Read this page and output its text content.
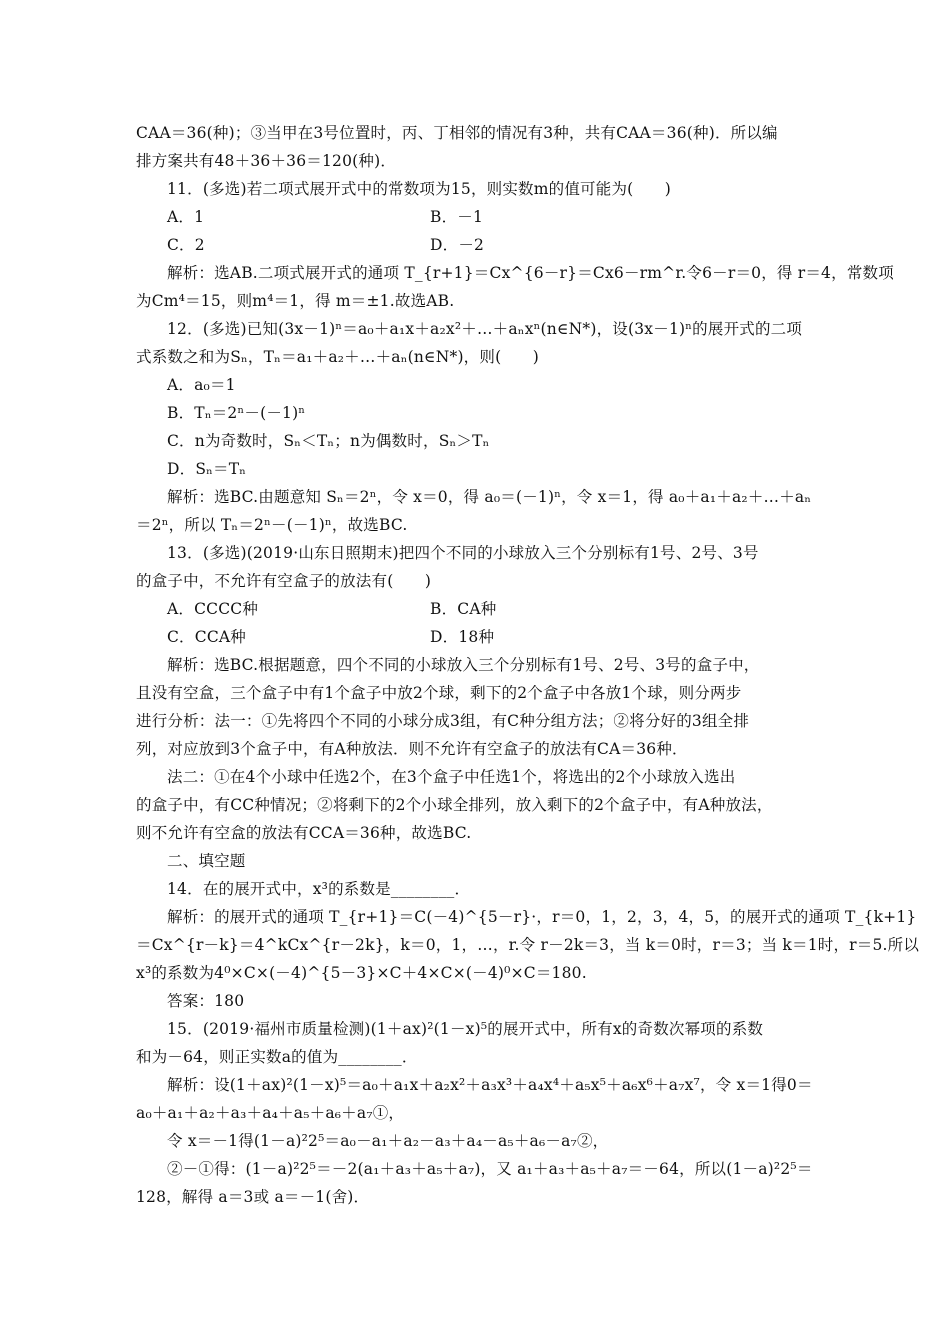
CAA＝36(种)；③当甲在3号位置时，丙、丁相邻的情况有3种，共有CAA＝36(种)．所以编
排方案共有48＋36＋36＝120(种)．
11．(多选)若二项式展开式中的常数项为15，则实数m的值可能为(　　)
A．1	B．－1
C．2	D．－2
解析：选AB.二项式展开式的通项 T_{r+1}＝Cx^{6－r}＝Cx6－rm^r.令6－r＝0，得 r＝4，常数项
为Cm⁴＝15，则m⁴＝1，得 m＝±1.故选AB.
12．(多选)已知(3x－1)ⁿ＝a₀＋a₁x＋a₂x²＋…＋aₙxⁿ(n∈N*)，设(3x－1)ⁿ的展开式的二项
式系数之和为Sₙ，Tₙ＝a₁＋a₂＋…＋aₙ(n∈N*)，则(　　)
A．a₀＝1
B．Tₙ＝2ⁿ－(－1)ⁿ
C．n为奇数时，Sₙ＜Tₙ；n为偶数时，Sₙ＞Tₙ
D．Sₙ＝Tₙ
解析：选BC.由题意知 Sₙ＝2ⁿ，令 x＝0，得 a₀＝(－1)ⁿ，令 x＝1，得 a₀＋a₁＋a₂＋…＋aₙ
＝2ⁿ，所以 Tₙ＝2ⁿ－(－1)ⁿ，故选BC.
13．(多选)(2019·山东日照期末)把四个不同的小球放入三个分别标有1号、2号、3号
的盒子中，不允许有空盒子的放法有(　　)
A．CCCC种	B．CA种
C．CCA种	D．18种
解析：选BC.根据题意，四个不同的小球放入三个分别标有1号、2号、3号的盒子中，
且没有空盒，三个盒子中有1个盒子中放2个球，剩下的2个盒子中各放1个球，则分两步
进行分析：法一：①先将四个不同的小球分成3组，有C种分组方法；②将分好的3组全排
列，对应放到3个盒子中，有A种放法．则不允许有空盒子的放法有CA＝36种．
法二：①在4个小球中任选2个，在3个盒子中任选1个，将选出的2个小球放入选出
的盒子中，有CC种情况；②将剩下的2个小球全排列，放入剩下的2个盒子中，有A种放法，
则不允许有空盒的放法有CCA＝36种，故选BC.
二、填空题
14．在的展开式中，x³的系数是________．
解析：的展开式的通项 T_{r+1}＝C(－4)^{5－r}·，r＝0，1，2，3，4，5，的展开式的通项 T_{k+1}
＝Cx^{r－k}＝4^kCx^{r－2k}，k＝0，1，…，r.令 r－2k＝3，当 k＝0时，r＝3；当 k＝1时，r＝5.所以
x³的系数为4⁰×C×(－4)^{5－3}×C＋4×C×(－4)⁰×C＝180.
答案：180
15．(2019·福州市质量检测)(1＋ax)²(1－x)⁵的展开式中，所有x的奇数次幂项的系数
和为－64，则正实数a的值为________．
解析：设(1＋ax)²(1－x)⁵＝a₀＋a₁x＋a₂x²＋a₃x³＋a₄x⁴＋a₅x⁵＋a₆x⁶＋a₇x⁷，令 x＝1得0＝
a₀＋a₁＋a₂＋a₃＋a₄＋a₅＋a₆＋a₇①，
令 x＝－1得(1－a)²2⁵＝a₀－a₁＋a₂－a₃＋a₄－a₅＋a₆－a₇②，
②－①得：(1－a)²2⁵＝－2(a₁＋a₃＋a₅＋a₇)，又 a₁＋a₃＋a₅＋a₇＝－64，所以(1－a)²2⁵＝
128，解得 a＝3或 a＝－1(舍)．
